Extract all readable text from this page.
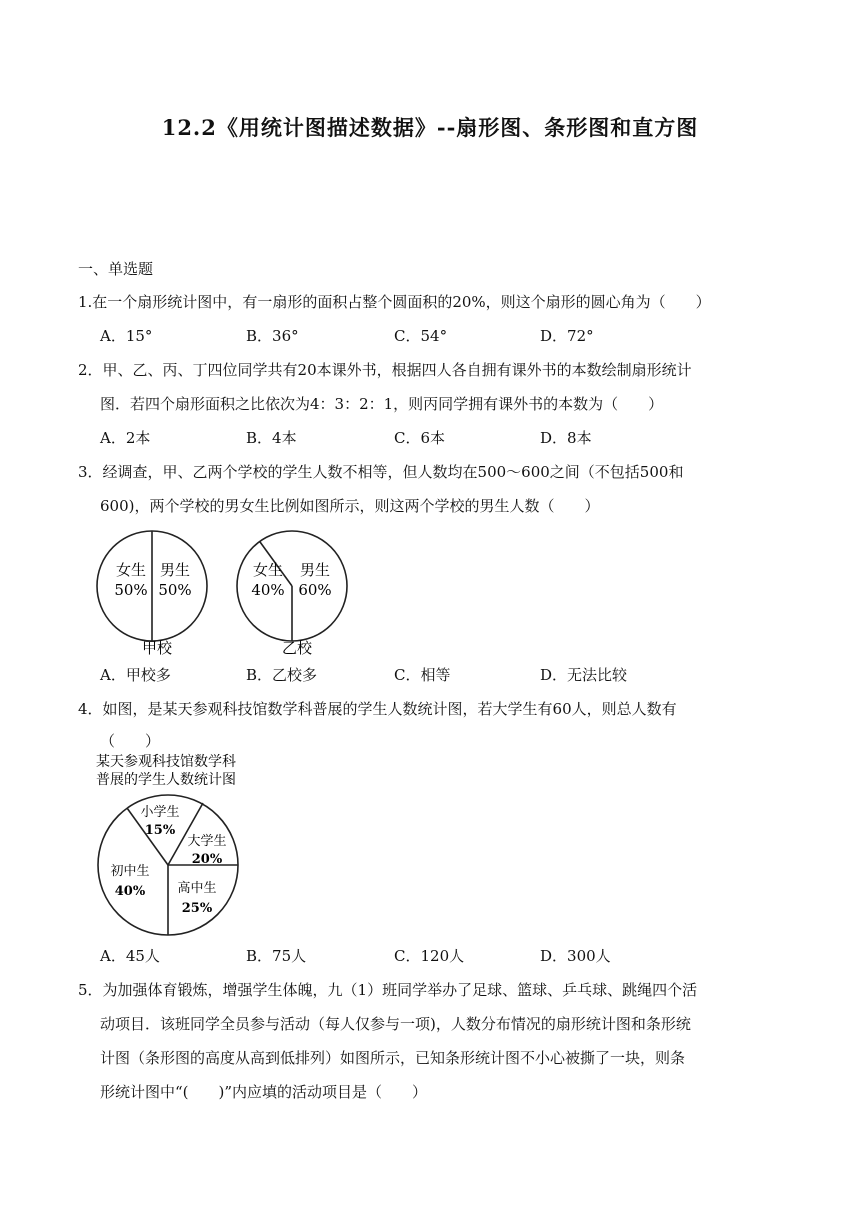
12.2《用统计图描述数据》--扇形图、条形图和直方图
一、单选题
1.在一个扇形统计图中，有一扇形的面积占整个圆面积的20%，则这个扇形的圆心角为（　　）
A．15°	B．36°	C．54°	D．72°
2．甲、乙、丙、丁四位同学共有20本课外书，根据四人各自拥有课外书的本数绘制扇形统计
图．若四个扇形面积之比依次为4：3：2：1，则丙同学拥有课外书的本数为（　　）
A．2本	B．4本	C．6本	D．8本
3．经调查，甲、乙两个学校的学生人数不相等，但人数均在500～600之间（不包括500和
600)，两个学校的男女生比例如图所示，则这两个学校的男生人数（　　）
女生
50%
男生
50%
甲校
女生
40%
男生
60%
乙校
A．甲校多	B．乙校多	C．相等	D．无法比较
4．如图，是某天参观科技馆数学科普展的学生人数统计图，若大学生有60人，则总人数有
（　　）
某天参观科技馆数学科
普展的学生人数统计图
小学生
15%
大学生
20%
高中生
25%
初中生
40%
A．45人	B．75人	C．120人	D．300人
5．为加强体育锻炼，增强学生体魄，九（1）班同学举办了足球、篮球、乒乓球、跳绳四个活
动项目．该班同学全员参与活动（每人仅参与一项)，人数分布情况的扇形统计图和条形统
计图（条形图的高度从高到低排列）如图所示，已知条形统计图不小心被撕了一块，则条
形统计图中“(　　)”内应填的活动项目是（　　）
